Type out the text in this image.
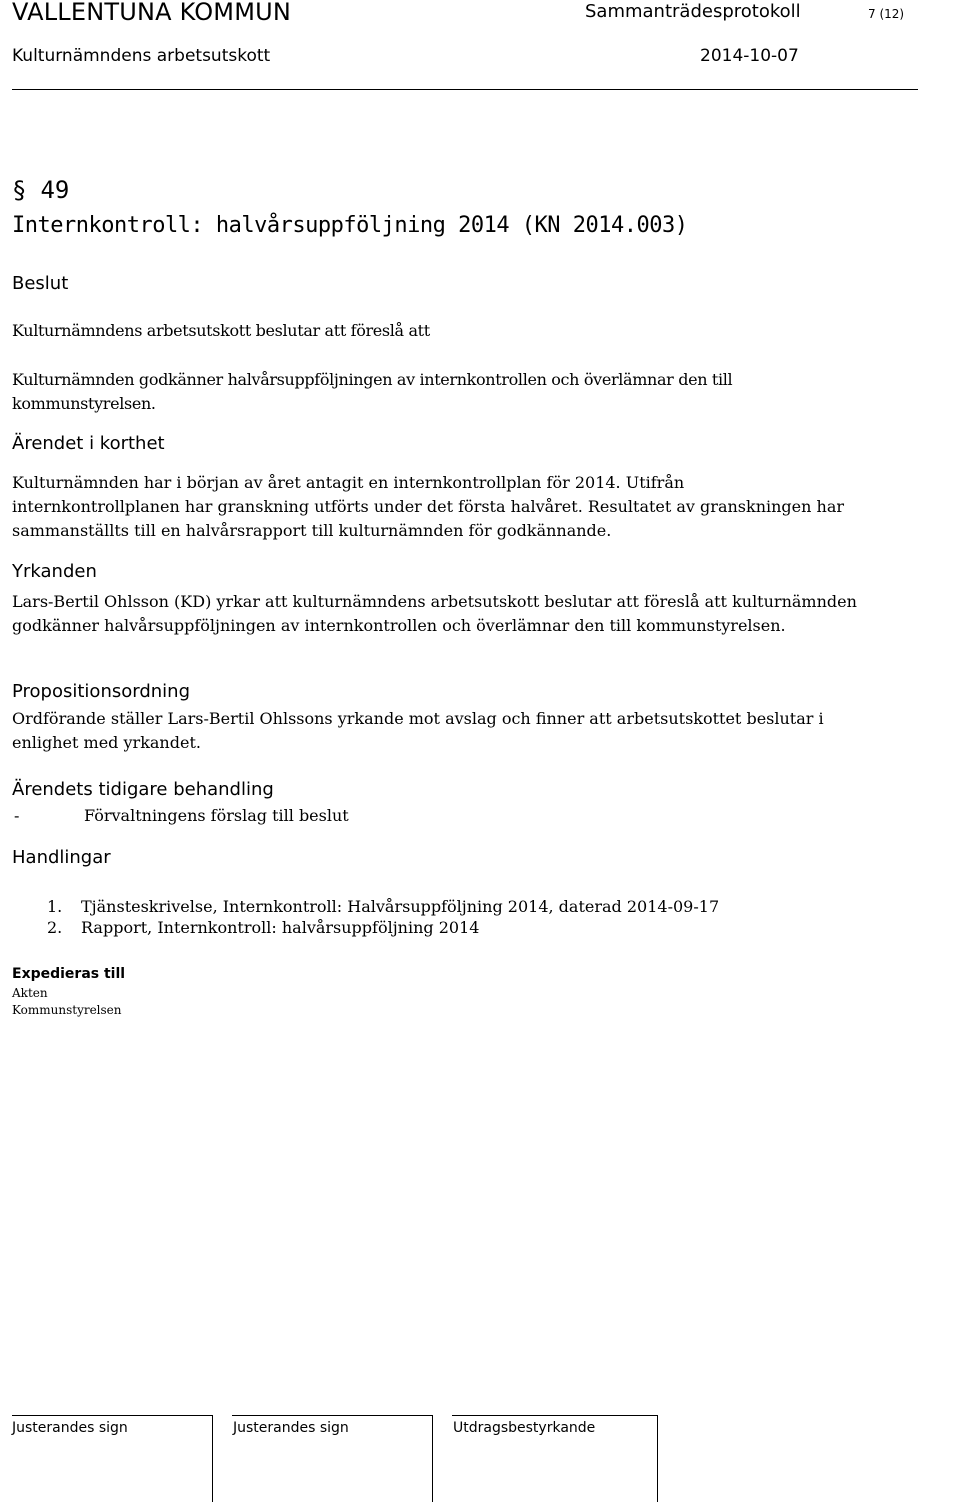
VALLENTUNA KOMMUN	Sammanträdesprotokoll	7 (12)
Kulturnämndens arbetsutskott	2014-10-07
§ 49
Internkontroll: halvårsuppföljning 2014 (KN 2014.003)
Beslut
Kulturnämndens arbetsutskott beslutar att föreslå att
Kulturnämnden godkänner halvårsuppföljningen av internkontrollen och överlämnar den till kommunstyrelsen.
Ärendet i korthet
Kulturnämnden har i början av året antagit en internkontrollplan för 2014. Utifrån internkontrollplanen har granskning utförts under det första halvåret. Resultatet av granskningen har sammanställts till en halvårsrapport till kulturnämnden för godkännande.
Yrkanden
Lars-Bertil Ohlsson (KD) yrkar att kulturnämndens arbetsutskott beslutar att föreslå att kulturnämnden godkänner halvårsuppföljningen av internkontrollen och överlämnar den till kommunstyrelsen.
Propositionsordning
Ordförande ställer Lars-Bertil Ohlssons yrkande mot avslag och finner att arbetsutskottet beslutar i enlighet med yrkandet.
Ärendets tidigare behandling
-	Förvaltningens förslag till beslut
Handlingar
1. Tjänsteskrivelse, Internkontroll: Halvårsuppföljning 2014, daterad 2014-09-17
2. Rapport, Internkontroll: halvårsuppföljning 2014
Expedieras till
Akten
Kommunstyrelsen
Justerandes sign	Justerandes sign	Utdragsbestyrkande
